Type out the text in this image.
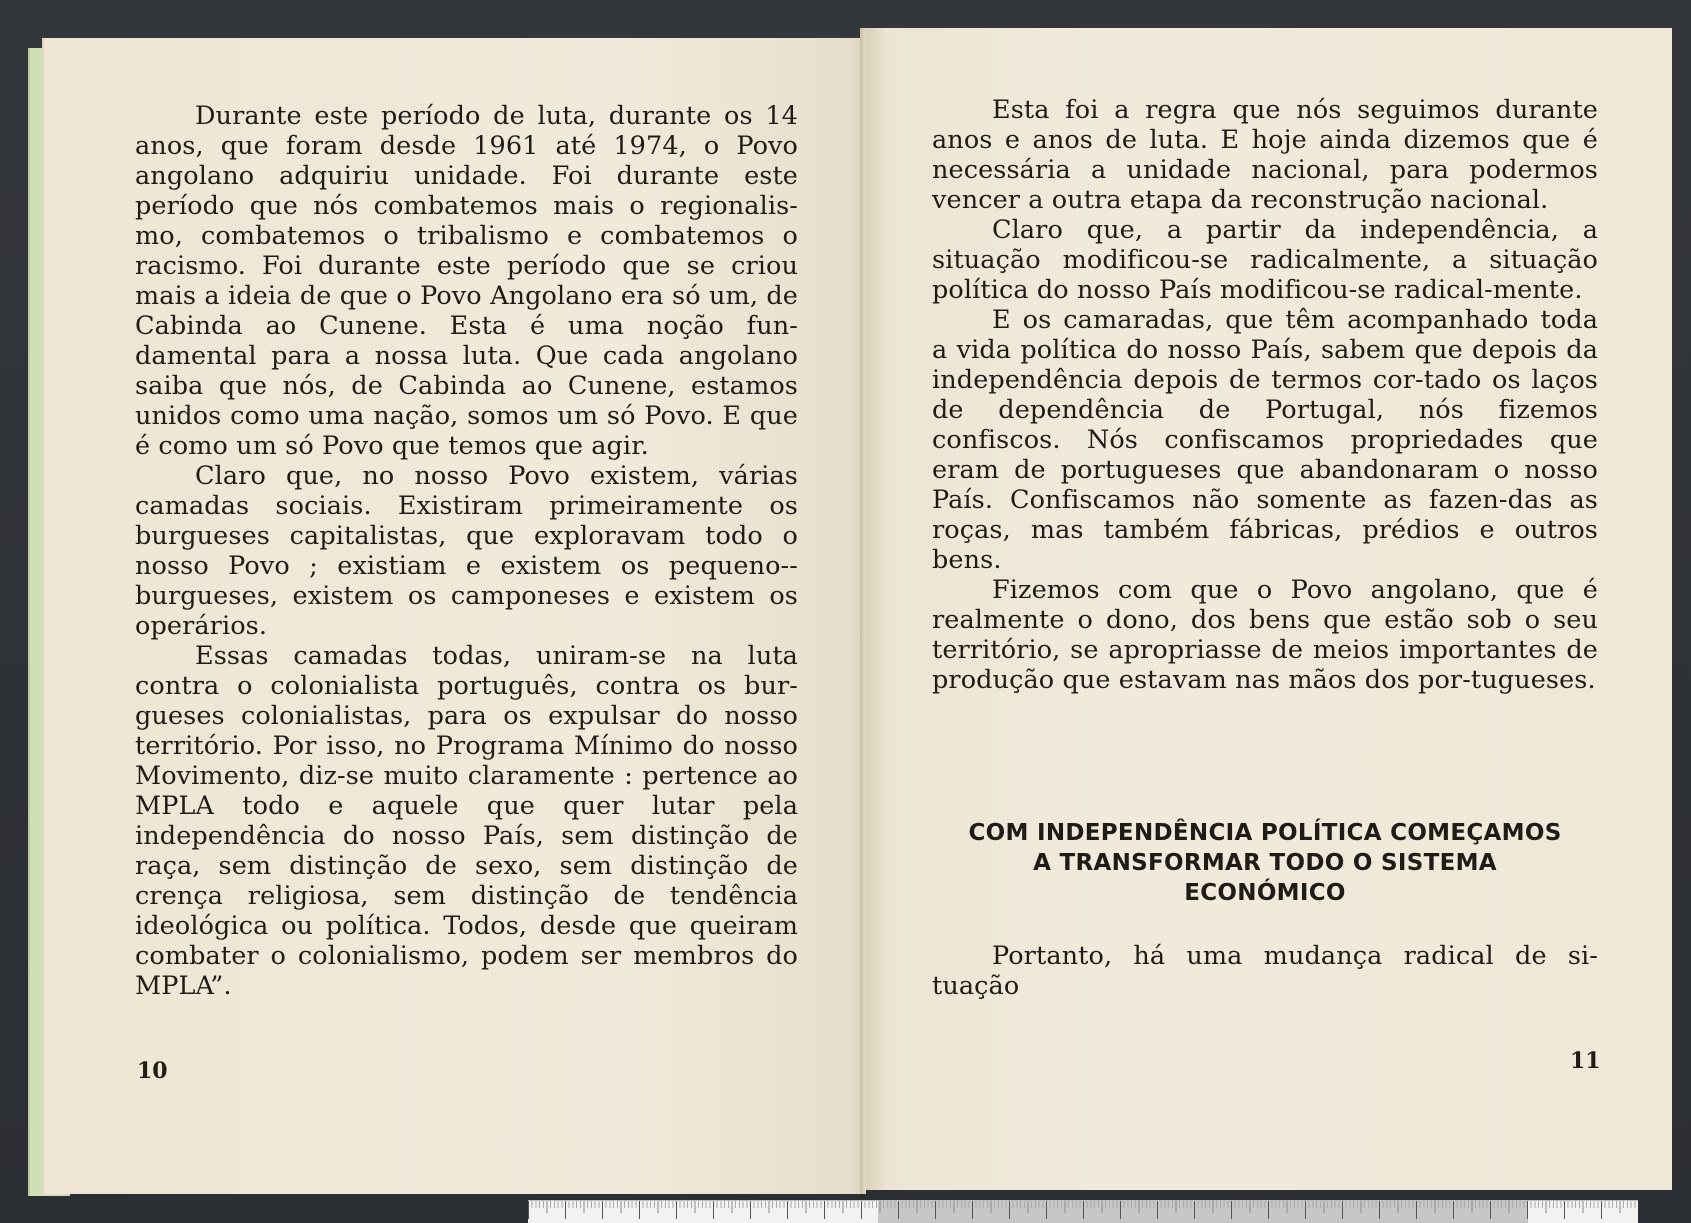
Durante este período de luta, durante os 14 anos, que foram desde 1961 até 1974, o Povo angolano adquiriu unidade. Foi durante este período que nós combatemos mais o regionalis-mo, combatemos o tribalismo e combatemos o racismo. Foi durante este período que se criou mais a ideia de que o Povo Angolano era só um, de Cabinda ao Cunene. Esta é uma noção fun-damental para a nossa luta. Que cada angolano saiba que nós, de Cabinda ao Cunene, estamos unidos como uma nação, somos um só Povo. E que é como um só Povo que temos que agir.

Claro que, no nosso Povo existem, várias camadas sociais. Existiram primeiramente os burgueses capitalistas, que exploravam todo o nosso Povo ; existiam e existem os pequeno--burgueses, existem os camponeses e existem os operários.

Essas camadas todas, uniram-se na luta contra o colonialista português, contra os bur-gueses colonialistas, para os expulsar do nosso território. Por isso, no Programa Mínimo do nosso Movimento, diz-se muito claramente : pertence ao MPLA todo e aquele que quer lutar pela independência do nosso País, sem distinção de raça, sem distinção de sexo, sem distinção de crença religiosa, sem distinção de tendência ideológica ou política. Todos, desde que queiram combater o colonialismo, podem ser membros do MPLA”.

10

Esta foi a regra que nós seguimos durante anos e anos de luta. E hoje ainda dizemos que é necessária a unidade nacional, para podermos vencer a outra etapa da reconstrução nacional.

Claro que, a partir da independência, a situação modificou-se radicalmente, a situação política do nosso País modificou-se radical-mente.

E os camaradas, que têm acompanhado toda a vida política do nosso País, sabem que depois da independência depois de termos cor-tado os laços de dependência de Portugal, nós fizemos confiscos. Nós confiscamos propriedades que eram de portugueses que abandonaram o nosso País. Confiscamos não somente as fazen-das as roças, mas também fábricas, prédios e outros bens.

Fizemos com que o Povo angolano, que é realmente o dono, dos bens que estão sob o seu território, se apropriasse de meios importantes de produção que estavam nas mãos dos por-tugueses.

COM INDEPENDÊNCIA POLÍTICA COMEÇAMOS
A TRANSFORMAR TODO O SISTEMA
ECONÓMICO

Portanto, há uma mudança radical de si-tuação

11
